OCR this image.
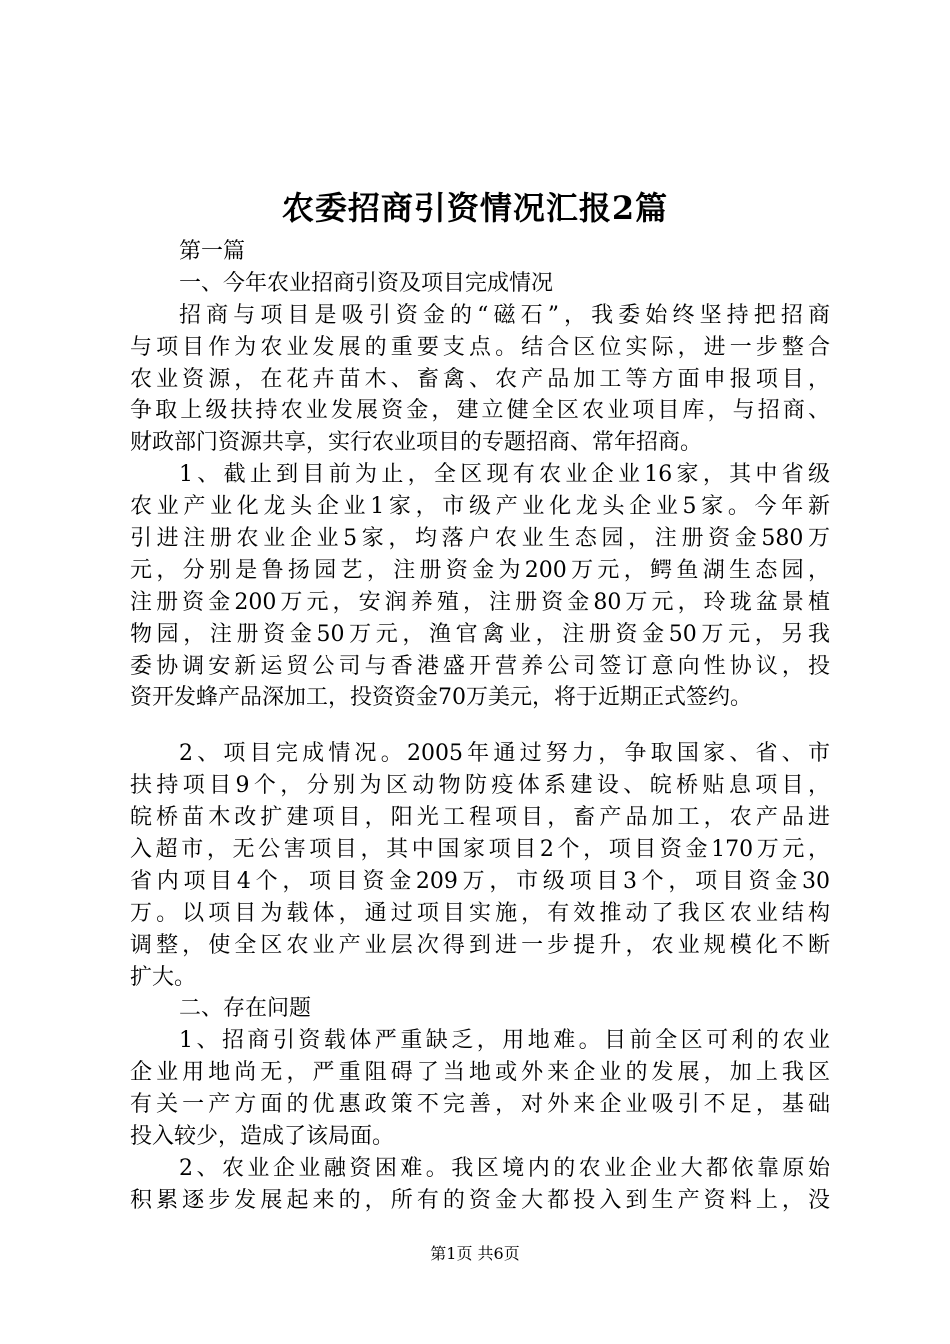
农委招商引资情况汇报2篇
第一篇
一、今年农业招商引资及项目完成情况
招商与项目是吸引资金的“磁石”，我委始终坚持把招商
与项目作为农业发展的重要支点。结合区位实际，进一步整合
农业资源，在花卉苗木、畜禽、农产品加工等方面申报项目，
争取上级扶持农业发展资金，建立健全区农业项目库，与招商、
财政部门资源共享，实行农业项目的专题招商、常年招商。
1、截止到目前为止，全区现有农业企业16家，其中省级
农业产业化龙头企业1家，市级产业化龙头企业5家。今年新
引进注册农业企业5家，均落户农业生态园，注册资金580万
元，分别是鲁扬园艺，注册资金为200万元，鳄鱼湖生态园，
注册资金200万元，安润养殖，注册资金80万元，玲珑盆景植
物园，注册资金50万元，渔官禽业，注册资金50万元，另我
委协调安新运贸公司与香港盛开营养公司签订意向性协议，投
资开发蜂产品深加工，投资资金70万美元，将于近期正式签约。
2、项目完成情况。2005年通过努力，争取国家、省、市
扶持项目9个，分别为区动物防疫体系建设、皖桥贴息项目，
皖桥苗木改扩建项目，阳光工程项目，畜产品加工，农产品进
入超市，无公害项目，其中国家项目2个，项目资金170万元，
省内项目4个，项目资金209万，市级项目3个，项目资金30
万。以项目为载体，通过项目实施，有效推动了我区农业结构
调整，使全区农业产业层次得到进一步提升，农业规模化不断
扩大。
二、存在问题
1、招商引资载体严重缺乏，用地难。目前全区可利的农业
企业用地尚无，严重阻碍了当地或外来企业的发展，加上我区
有关一产方面的优惠政策不完善，对外来企业吸引不足，基础
投入较少，造成了该局面。
2、农业企业融资困难。我区境内的农业企业大都依靠原始
积累逐步发展起来的，所有的资金大都投入到生产资料上，没
第1页 共6页
